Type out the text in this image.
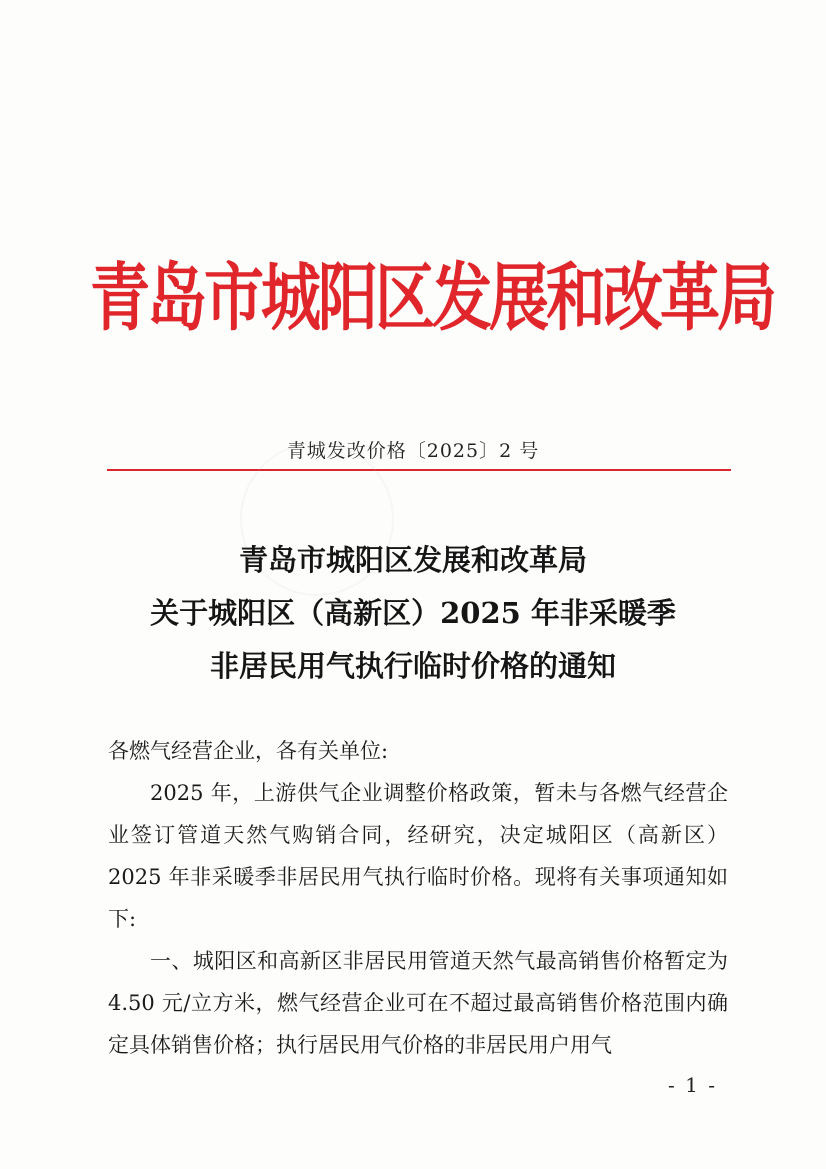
青岛市城阳区发展和改革局
青城发改价格〔2025〕2 号
青岛市城阳区发展和改革局
关于城阳区（高新区）2025 年非采暖季
非居民用气执行临时价格的通知

各燃气经营企业，各有关单位:

2025 年，上游供气企业调整价格政策，暂未与各燃气经营企业签订管道天然气购销合同，经研究，决定城阳区（高新区）2025 年非采暖季非居民用气执行临时价格。现将有关事项通知如下:

一、城阳区和高新区非居民用管道天然气最高销售价格暂定为 4.50 元/立方米，燃气经营企业可在不超过最高销售价格范围内确定具体销售价格；执行居民用气价格的非居民用户用气

- 1 -
